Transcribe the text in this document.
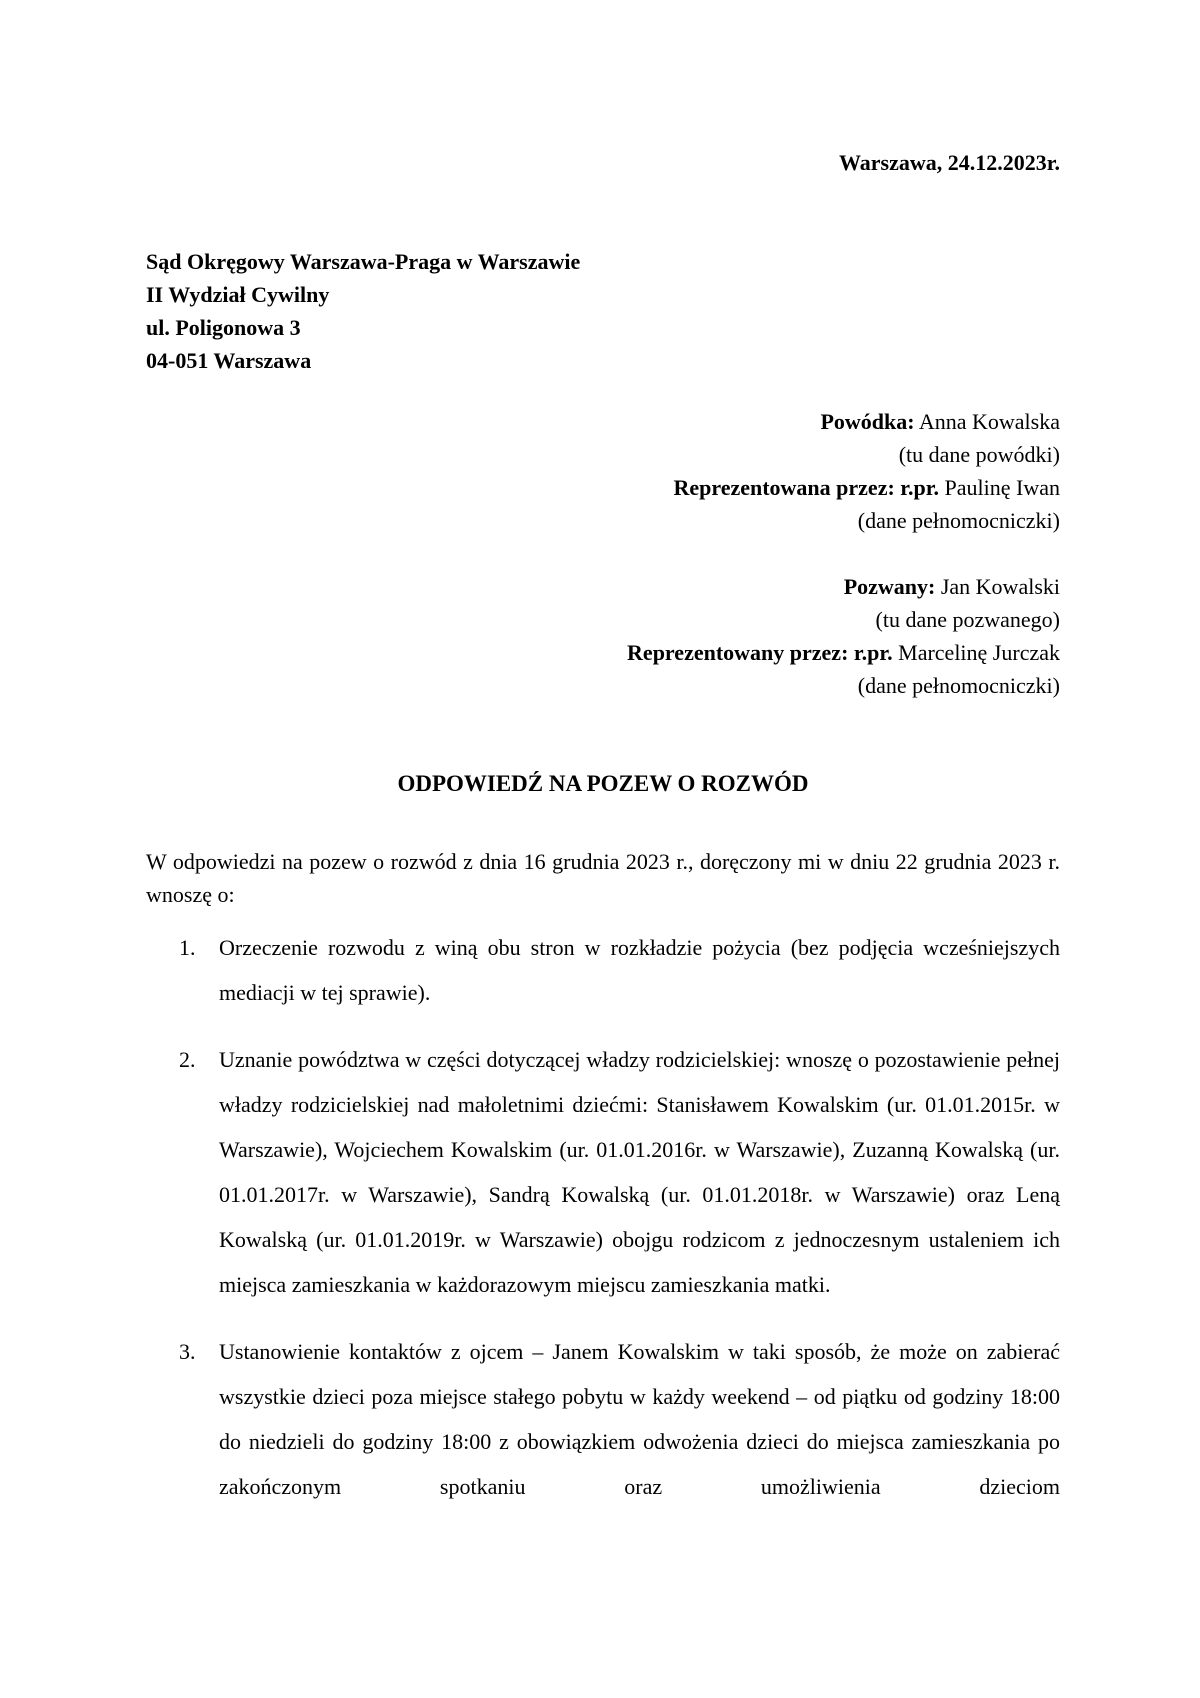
Warszawa, 24.12.2023r.
Sąd Okręgowy Warszawa-Praga w Warszawie
II Wydział Cywilny
ul. Poligonowa 3
04-051 Warszawa
Powódka: Anna Kowalska
(tu dane powódki)
Reprezentowana przez: r.pr. Paulinę Iwan
(dane pełnomocniczki)
Pozwany: Jan Kowalski
(tu dane pozwanego)
Reprezentowany przez: r.pr. Marcelinę Jurczak
(dane pełnomocniczki)
ODPOWIEDŹ NA POZEW O ROZWÓD
W odpowiedzi na pozew o rozwód z dnia 16 grudnia 2023 r., doręczony mi w dniu 22 grudnia 2023 r. wnoszę o:
1. Orzeczenie rozwodu z winą obu stron w rozkładzie pożycia (bez podjęcia wcześniejszych mediacji w tej sprawie).
2. Uznanie powództwa w części dotyczącej władzy rodzicielskiej: wnoszę o pozostawienie pełnej władzy rodzicielskiej nad małoletnimi dziećmi: Stanisławem Kowalskim (ur. 01.01.2015r. w Warszawie), Wojciechem Kowalskim (ur. 01.01.2016r. w Warszawie), Zuzanną Kowalską (ur. 01.01.2017r. w Warszawie), Sandrą Kowalską (ur. 01.01.2018r. w Warszawie) oraz Leną Kowalską (ur. 01.01.2019r. w Warszawie) obojgu rodzicom z jednoczesnym ustaleniem ich miejsca zamieszkania w każdorazowym miejscu zamieszkania matki.
3. Ustanowienie kontaktów z ojcem – Janem Kowalskim w taki sposób, że może on zabierać wszystkie dzieci poza miejsce stałego pobytu w każdy weekend – od piątku od godziny 18:00 do niedzieli do godziny 18:00 z obowiązkiem odwożenia dzieci do miejsca zamieszkania po zakończonym spotkaniu oraz umożliwienia dzieciom
